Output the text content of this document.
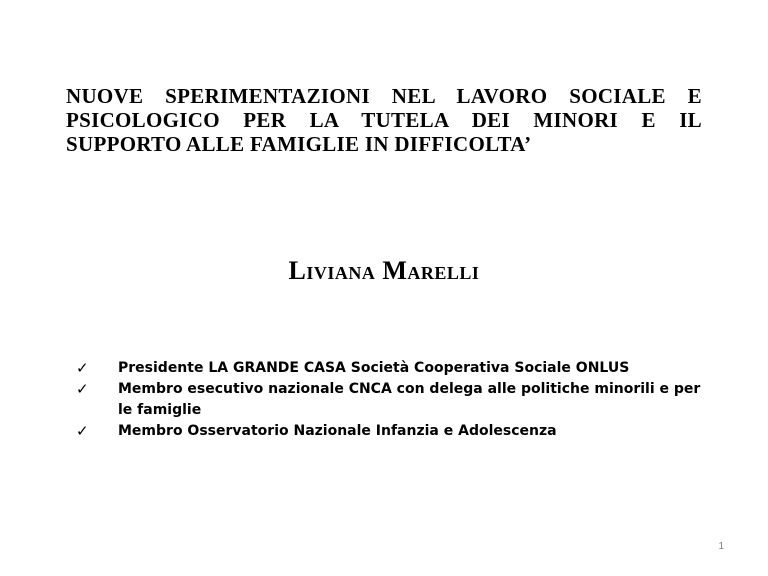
NUOVE SPERIMENTAZIONI NEL LAVORO SOCIALE E
PSICOLOGICO PER LA TUTELA DEI MINORI E IL
SUPPORTO ALLE FAMIGLIE IN DIFFICOLTA’
Liviana Marelli
✓ Presidente LA GRANDE CASA Società Cooperativa Sociale ONLUS
✓ Membro esecutivo nazionale CNCA con delega alle politiche minorili e per le famiglie
✓ Membro Osservatorio Nazionale Infanzia e Adolescenza
1
